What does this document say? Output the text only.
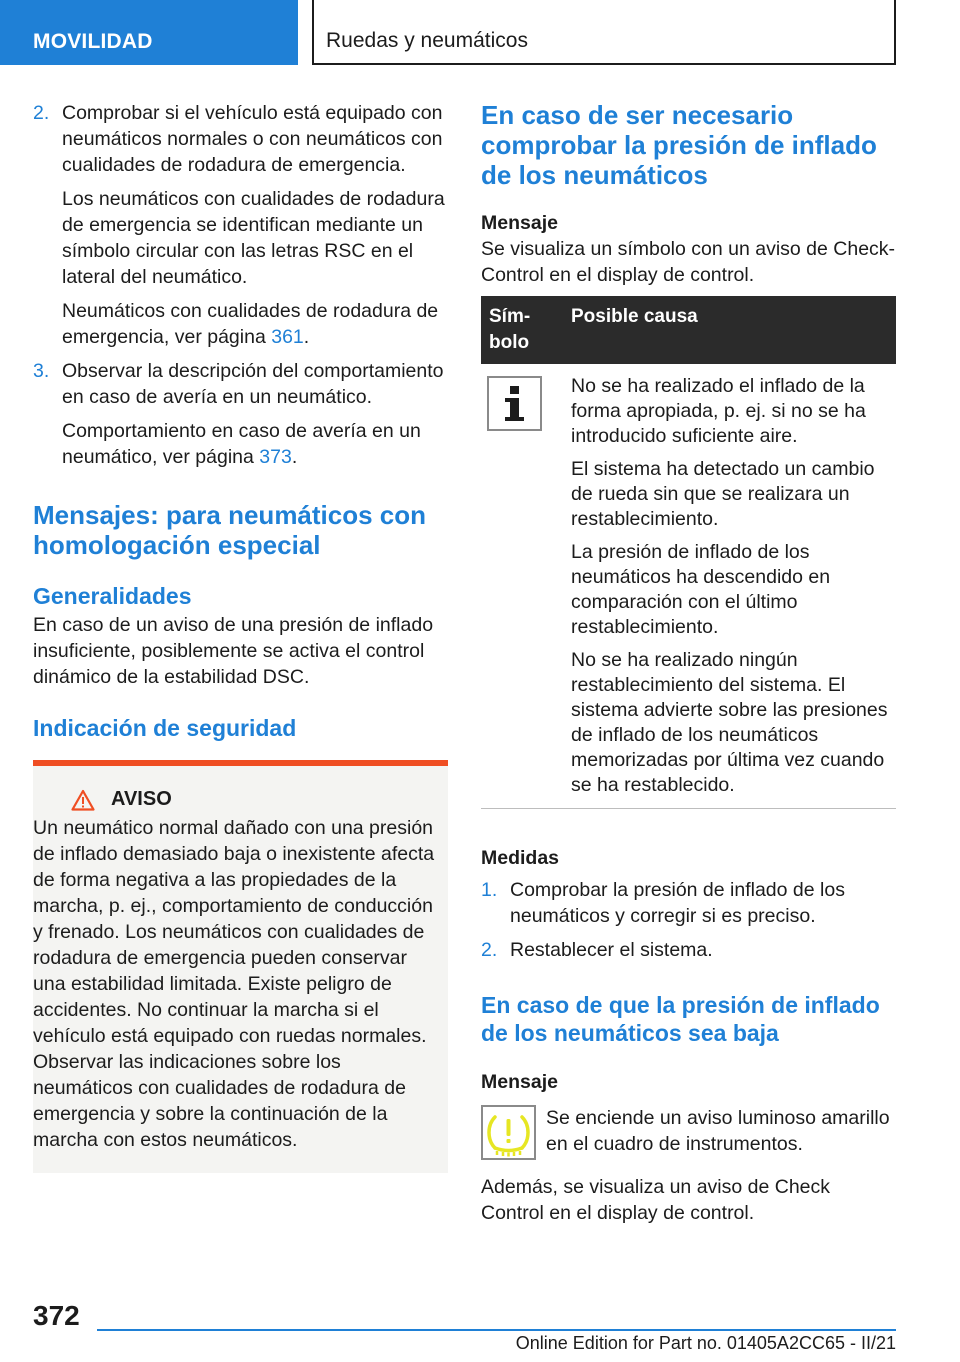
MOVILIDAD	Ruedas y neumáticos
2. Comprobar si el vehículo está equipado con neumáticos normales o con neumáticos con cualidades de rodadura de emergencia.

Los neumáticos con cualidades de rodadura de emergencia se identifican mediante un símbolo circular con las letras RSC en el lateral del neumático.

Neumáticos con cualidades de rodadura de emergencia, ver página 361.

3. Observar la descripción del comportamiento en caso de avería en un neumático.

Comportamiento en caso de avería en un neumático, ver página 373.

Mensajes: para neumáticos con homologación especial
Generalidades

En caso de un aviso de una presión de inflado insuficiente, posiblemente se activa el control dinámico de la estabilidad DSC.

Indicación de seguridad
AVISO

Un neumático normal dañado con una presión de inflado demasiado baja o inexistente afecta de forma negativa a las propiedades de la marcha, p. ej., comportamiento de conducción y frenado. Los neumáticos con cualidades de rodadura de emergencia pueden conservar una estabilidad limitada. Existe peligro de accidentes. No continuar la marcha si el vehículo está equipado con ruedas normales. Observar las indicaciones sobre los neumáticos con cualidades de rodadura de emergencia y sobre la continuación de la marcha con estos neumáticos.

En caso de ser necesario comprobar la presión de inflado de los neumáticos
Mensaje

Se visualiza un símbolo con un aviso de Check-Control en el display de control.

Sím-bolo	Posible causa

No se ha realizado el inflado de la forma apropiada, p. ej. si no se ha introducido suficiente aire.

El sistema ha detectado un cambio de rueda sin que se realizara un restablecimiento.

La presión de inflado de los neumáticos ha descendido en comparación con el último restablecimiento.

No se ha realizado ningún restablecimiento del sistema. El sistema advierte sobre las presiones de inflado de los neumáticos memorizadas por última vez cuando se ha restablecido.

Medidas
1. Comprobar la presión de inflado de los neumáticos y corregir si es preciso.

2. Restablecer el sistema.

En caso de que la presión de inflado de los neumáticos sea baja
Mensaje

Se enciende un aviso luminoso amarillo en el cuadro de instrumentos.

Además, se visualiza un aviso de Check Control en el display de control.

372
Online Edition for Part no. 01405A2CC65 - II/21
